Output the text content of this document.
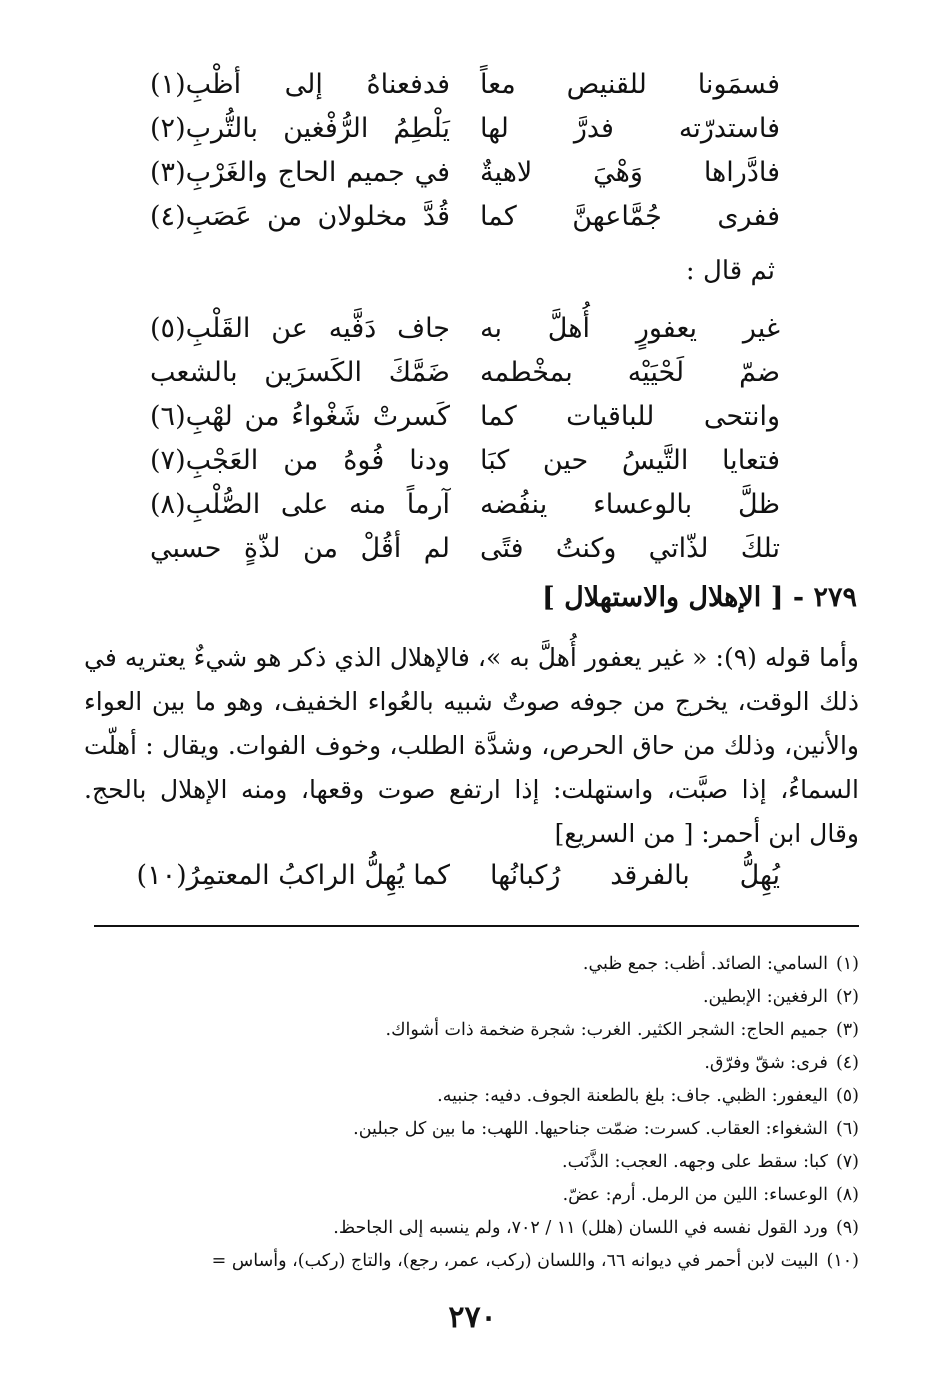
فسمَونا للقنيص معاً
فدفعناهُ إلى أظْبِ(١)
فاستدرّته فدرَّ لها
يَلْطِمُ الرُّفْغين بالتُّربِ(٢)
فادَّراها وَهْيَ لاهيةٌ
في جميم الحاج والغَرْبِ(٣)
ففرى جُمَّاعهنَّ كما
قُدَّ مخلولان من عَصَبِ(٤)
ثم قال :
غير يعفورٍ أُهلَّ به
جاف دَفَّيه عن القَلْبِ(٥)
ضمّ لَحْيَيْه بمخْطمه
ضَمَّكَ الكَسرَين بالشعب
وانتحى للباقيات كما
كَسرتْ شَغْواءُ من لهْبِ(٦)
فتعايا التَّيسُ حين كبَا
ودنا فُوهُ من العَجْبِ(٧)
ظلَّ بالوعساء ينفُضه
آرماً منه على الصُّلْبِ(٨)
تلكَ لذّاتي وكنتُ فتًى
لم أقُلْ من لذّةٍ حسبي
٢٧٩ - [ الإهلال والاستهلال ]
وأما قوله (٩): « غير يعفور أُهلَّ به »، فالإهلال الذي ذكر هو شيءٌ يعتريه في ذلك الوقت، يخرج من جوفه صوتٌ شبيه بالعُواء الخفيف، وهو ما بين العواء والأنين، وذلك من حاق الحرص، وشدَّة الطلب، وخوف الفوات. ويقال : أهلّت السماءُ، إذا صبَّت، واستهلت: إذا ارتفع صوت وقعها، ومنه الإهلال بالحج. وقال ابن أحمر: [ من السريع]
يُهِلُّ بالفرقد رُكبانُها
كما يُهِلُّ الراكبُ المعتمِرُ(١٠)
(١)السامي: الصائد. أظب: جمع ظبي.
(٢)الرفغين: الإبطين.
(٣)جميم الحاج: الشجر الكثير. الغرب: شجرة ضخمة ذات أشواك.
(٤)فرى: شقّ وفرّق.
(٥)اليعفور: الظبي. جاف: بلغ بالطعنة الجوف. دفيه: جنبيه.
(٦)الشغواء: العقاب. كسرت: ضمّت جناحيها. اللهب: ما بين كل جبلين.
(٧)كبا: سقط على وجهه. العجب: الذَّنَب.
(٨)الوعساء: اللين من الرمل. أرم: عضّ.
(٩)ورد القول نفسه في اللسان (هلل) ١١ / ٧٠٢، ولم ينسبه إلى الجاحظ.
(١٠)البيت لابن أحمر في ديوانه ٦٦، واللسان (ركب، عمر، رجع)، والتاج (ركب)، وأساس =
٢٧٠
